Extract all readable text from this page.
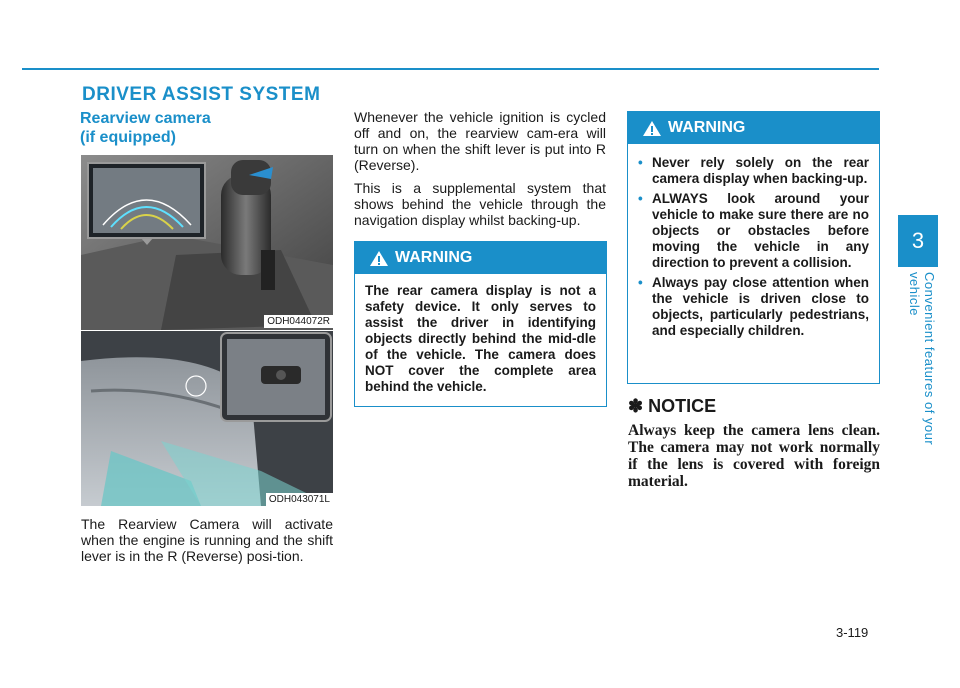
DRIVER ASSIST SYSTEM
Rearview camera
(if equipped)
ODH044072R
ODH043071L

The Rearview Camera will activate when the engine is running and the shift lever is in the R (Reverse) posi-tion.

Whenever the vehicle ignition is cycled off and on, the rearview cam-era will turn on when the shift lever is put into R (Reverse).

This is a supplemental system that shows behind the vehicle through the navigation display whilst backing-up.

WARNING
The rear camera display is not a safety device. It only serves to assist the driver in identifying objects directly behind the mid-dle of the vehicle. The camera does NOT cover the complete area behind the vehicle.
WARNING
• Never rely solely on the rear camera display when backing-up.
• ALWAYS look around your vehicle to make sure there are no objects or obstacles before moving the vehicle in any direction to prevent a collision.
• Always pay close attention when the vehicle is driven close to objects, particularly pedestrians, and especially children.
✽ NOTICE

Always keep the camera lens clean. The camera may not work normally if the lens is covered with foreign material.

3
Convenient features of your vehicle
3-119
